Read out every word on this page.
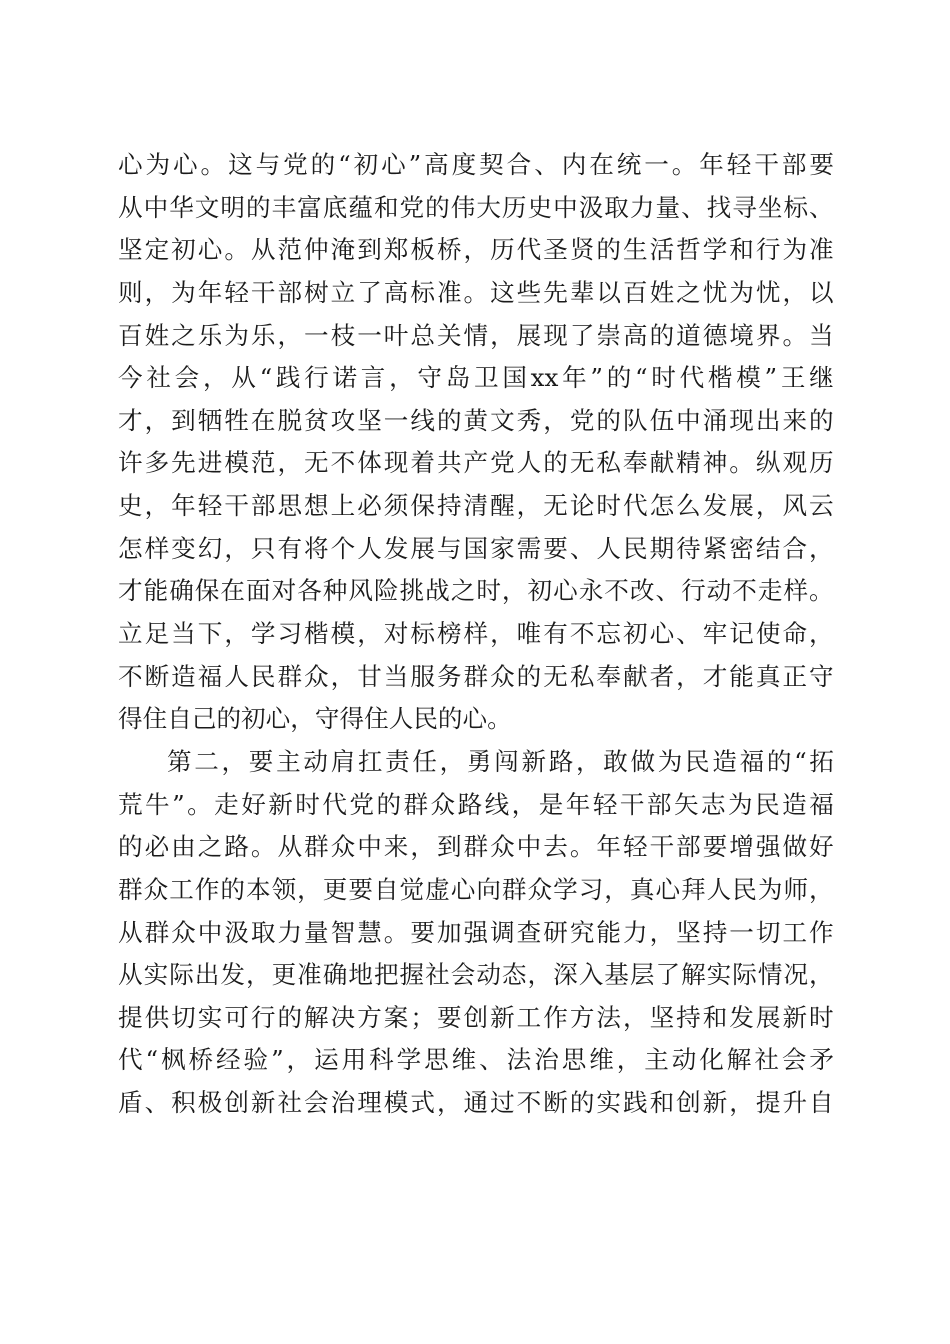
心 为 心 。 这 与 党 的 “ 初 心 ” 高 度 契 合 、 内 在 统 一 。 年 轻 干 部 要
从 中 华 文 明 的 丰 富 底 蕴 和 党 的 伟 大 历 史 中 汲 取 力 量 、 找 寻 坐 标 、
坚 定 初 心 。 从 范 仲 淹 到 郑 板 桥 ， 历 代 圣 贤 的 生 活 哲 学 和 行 为 准
则 ， 为 年 轻 干 部 树 立 了 高 标 准 。 这 些 先 辈 以 百 姓 之 忧 为 忧 ， 以
百 姓 之 乐 为 乐 ， 一 枝 一 叶 总 关 情 ， 展 现 了 崇 高 的 道 德 境 界 。 当
今 社 会 ， 从 “ 践 行 诺 言 ， 守 岛 卫 国 xx 年 ” 的 “ 时 代 楷 模 ” 王 继
才 ， 到 牺 牲 在 脱 贫 攻 坚 一 线 的 黄 文 秀 ， 党 的 队 伍 中 涌 现 出 来 的
许 多 先 进 模 范 ， 无 不 体 现 着 共 产 党 人 的 无 私 奉 献 精 神 。 纵 观 历
史 ， 年 轻 干 部 思 想 上 必 须 保 持 清 醒 ， 无 论 时 代 怎 么 发 展 ， 风 云
怎 样 变 幻 ， 只 有 将 个 人 发 展 与 国 家 需 要 、 人 民 期 待 紧 密 结 合 ，
才 能 确 保 在 面 对 各 种 风 险 挑 战 之 时 ， 初 心 永 不 改 、 行 动 不 走 样 。
立 足 当 下 ， 学 习 楷 模 ， 对 标 榜 样 ， 唯 有 不 忘 初 心 、 牢 记 使 命 ，
不 断 造 福 人 民 群 众 ， 甘 当 服 务 群 众 的 无 私 奉 献 者 ， 才 能 真 正 守
得 住 自 己 的 初 心 ， 守 得 住 人 民 的 心 。
第 二 ， 要 主 动 肩 扛 责 任 ， 勇 闯 新 路 ， 敢 做 为 民 造 福 的 “ 拓
荒 牛 ” 。 走 好 新 时 代 党 的 群 众 路 线 ， 是 年 轻 干 部 矢 志 为 民 造 福
的 必 由 之 路 。 从 群 众 中 来 ， 到 群 众 中 去 。 年 轻 干 部 要 增 强 做 好
群 众 工 作 的 本 领 ， 更 要 自 觉 虚 心 向 群 众 学 习 ， 真 心 拜 人 民 为 师 ，
从 群 众 中 汲 取 力 量 智 慧 。 要 加 强 调 查 研 究 能 力 ， 坚 持 一 切 工 作
从 实 际 出 发 ， 更 准 确 地 把 握 社 会 动 态 ， 深 入 基 层 了 解 实 际 情 况 ，
提 供 切 实 可 行 的 解 决 方 案 ； 要 创 新 工 作 方 法 ， 坚 持 和 发 展 新 时
代 “ 枫 桥 经 验 ” ， 运 用 科 学 思 维 、 法 治 思 维 ， 主 动 化 解 社 会 矛
盾 、 积 极 创 新 社 会 治 理 模 式 ， 通 过 不 断 的 实 践 和 创 新 ， 提 升 自
